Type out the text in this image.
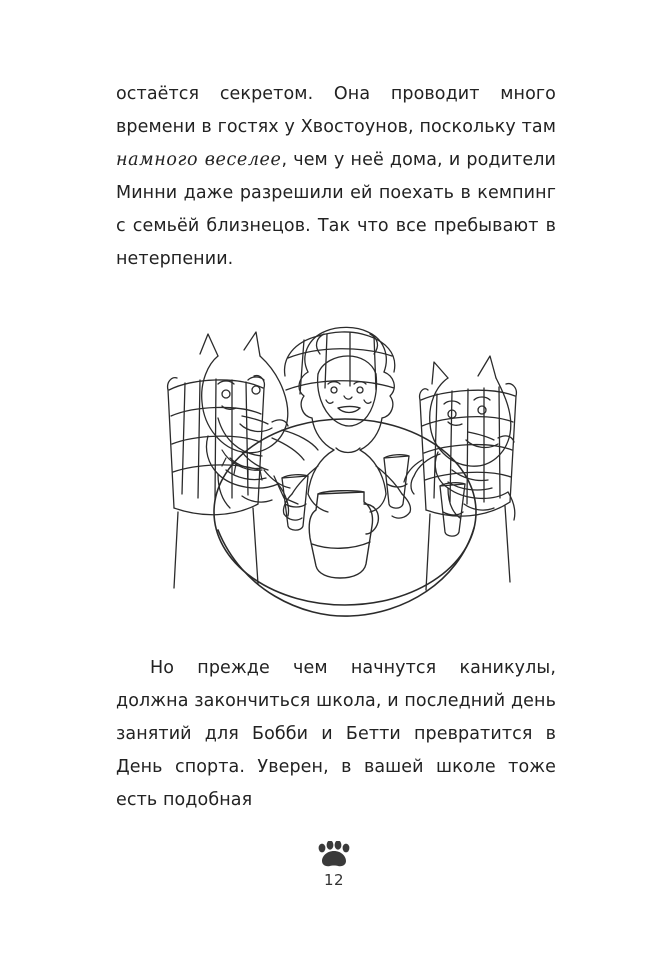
остаётся секретом. Она проводит много времени в гостях у Хвостоунов, поскольку там намного веселее, чем у неё дома, и родители Минни даже разрешили ей поехать в кемпинг с семьёй близнецов. Так что все пребывают в нетерпении.

Но прежде чем начнутся каникулы, должна закончиться школа, и последний день занятий для Бобби и Бетти превратится в День спорта. Уверен, в вашей школе тоже есть подобная

12
